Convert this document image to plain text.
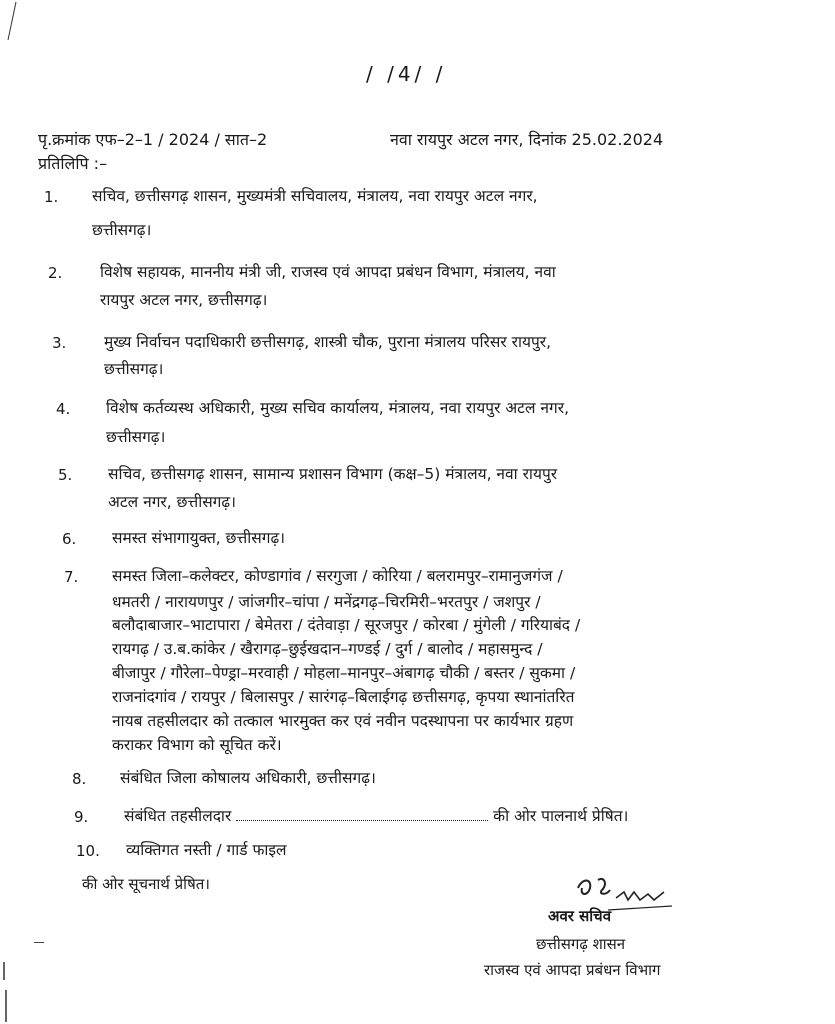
/ /4/ /
पृ.क्रमांक एफ–2–1 / 2024 / सात–2	नवा रायपुर अटल नगर, दिनांक 25.02.2024
प्रतिलिपि :–
1. सचिव, छत्तीसगढ़ शासन, मुख्यमंत्री सचिवालय, मंत्रालय, नवा रायपुर अटल नगर,
छत्तीसगढ़।
2. विशेष सहायक, माननीय मंत्री जी, राजस्व एवं आपदा प्रबंधन विभाग, मंत्रालय, नवा
रायपुर अटल नगर, छत्तीसगढ़।
3. मुख्य निर्वाचन पदाधिकारी छत्तीसगढ़, शास्त्री चौक, पुराना मंत्रालय परिसर रायपुर,
छत्तीसगढ़।
4. विशेष कर्तव्यस्थ अधिकारी, मुख्य सचिव कार्यालय, मंत्रालय, नवा रायपुर अटल नगर,
छत्तीसगढ़।
5. सचिव, छत्तीसगढ़ शासन, सामान्य प्रशासन विभाग (कक्ष–5) मंत्रालय, नवा रायपुर
अटल नगर, छत्तीसगढ़।
6. समस्त संभागायुक्त, छत्तीसगढ़।
7. समस्त जिला–कलेक्टर, कोण्डागांव / सरगुजा / कोरिया / बलरामपुर–रामानुजगंज /
धमतरी / नारायणपुर / जांजगीर–चांपा / मनेंद्रगढ़–चिरमिरी–भरतपुर / जशपुर /
बलौदाबाजार–भाटापारा / बेमेतरा / दंतेवाड़ा / सूरजपुर / कोरबा / मुंगेली / गरियाबंद /
रायगढ़ / उ.ब.कांकेर / खैरागढ़–छुईखदान–गण्डई / दुर्ग / बालोद / महासमुन्द /
बीजापुर / गौरेला–पेण्ड्रा–मरवाही / मोहला–मानपुर–अंबागढ़ चौकी / बस्तर / सुकमा /
राजनांदगांव / रायपुर / बिलासपुर / सारंगढ़–बिलाईगढ़ छत्तीसगढ़, कृपया स्थानांतरित
नायब तहसीलदार को तत्काल भारमुक्त कर एवं नवीन पदस्थापना पर कार्यभार ग्रहण
कराकर विभाग को सूचित करें।
8. संबंधित जिला कोषालय अधिकारी, छत्तीसगढ़।
9. संबंधित तहसीलदार	की ओर पालनार्थ प्रेषित।
10. व्यक्तिगत नस्ती / गार्ड फाइल
की ओर सूचनार्थ प्रेषित।
अवर सचिव
छत्तीसगढ़ शासन
राजस्व एवं आपदा प्रबंधन विभाग
